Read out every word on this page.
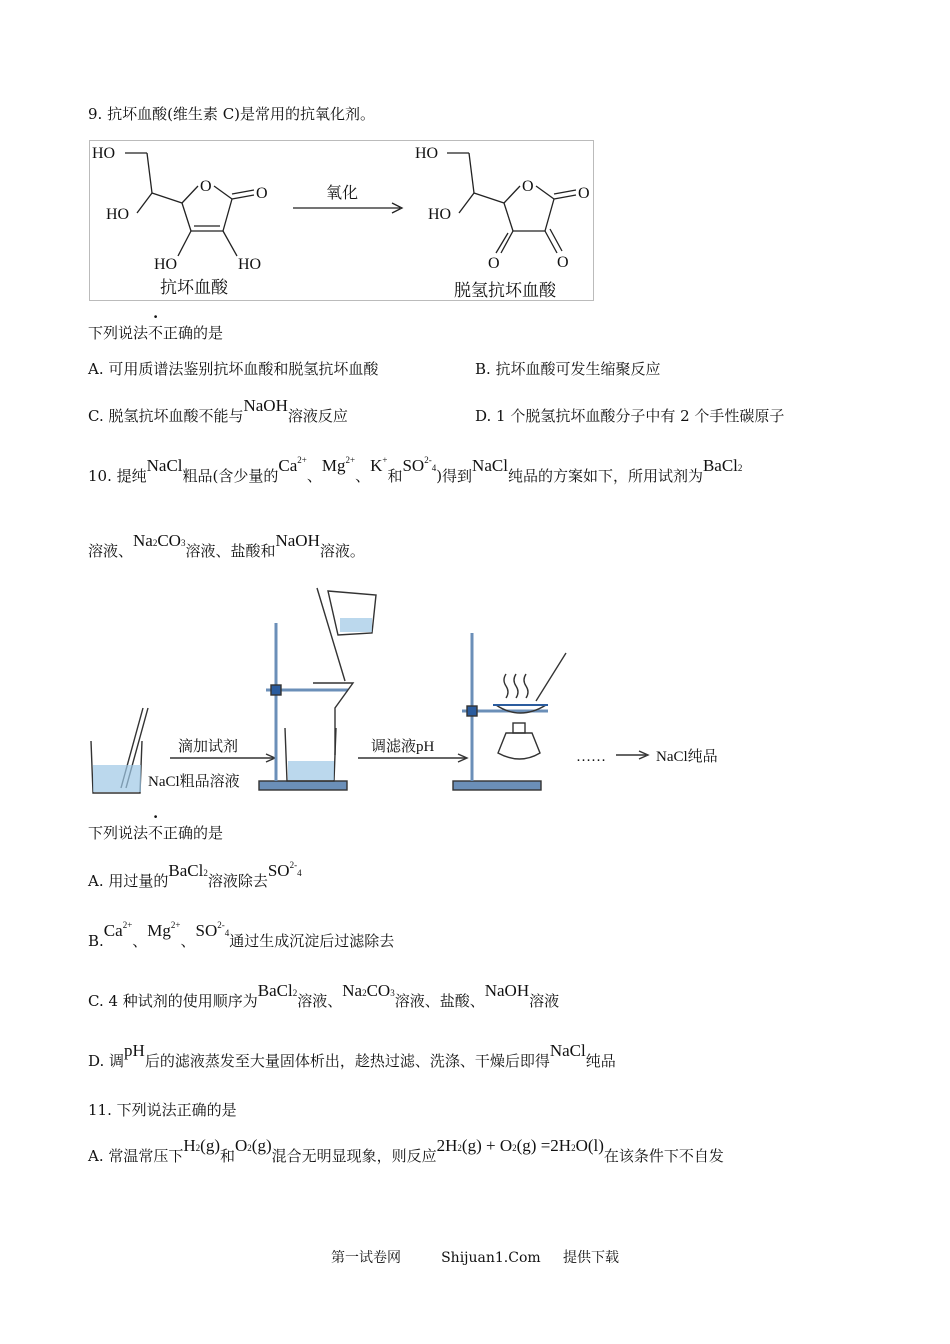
9. 抗坏血酸(维生素 C)是常用的抗氧化剂。
HO
HO
O	O
HO	HO
HO
HO
O	O
O	O
氧化
抗坏血酸	脱氢抗坏血酸
下列说法不正确的是
A. 可用质谱法鉴别抗坏血酸和脱氢抗坏血酸	B. 抗坏血酸可发生缩聚反应
C. 脱氢抗坏血酸不能与NaOH溶液反应	D. 1 个脱氢抗坏血酸分子中有 2 个手性碳原子
10. 提纯NaCl粗品(含少量的$Ca^{2+}$、$Mg^{2+}$、K+和$SO^{2-}4$)得到NaCl纯品的方案如下，所用试剂为BaCl2
溶液、Na2CO3溶液、盐酸和NaOH溶液。
滴加试剂	调滤液pH
NaCl粗品溶液
……	NaCl纯品
下列说法不正确的是
A. 用过量的BaCl2溶液除去$SO^{2-}4$
$B.Ca^{2+}$、$Mg^{2+}$、$SO^{2-}4$通过生成沉淀后过滤除去
C. 4 种试剂的使用顺序为BaCl2溶液、Na2CO3溶液、盐酸、NaOH溶液
D. 调pH后的滤液蒸发至大量固体析出，趁热过滤、洗涤、干燥后即得NaCl纯品
11. 下列说法正确的是
A. 常温常压下H2(g)和O2(g)混合无明显现象，则反应2H2(g) + O2(g) =2H2O(l)在该条件下不自发
第一试卷网	Shijuan1.Com 提供下载
